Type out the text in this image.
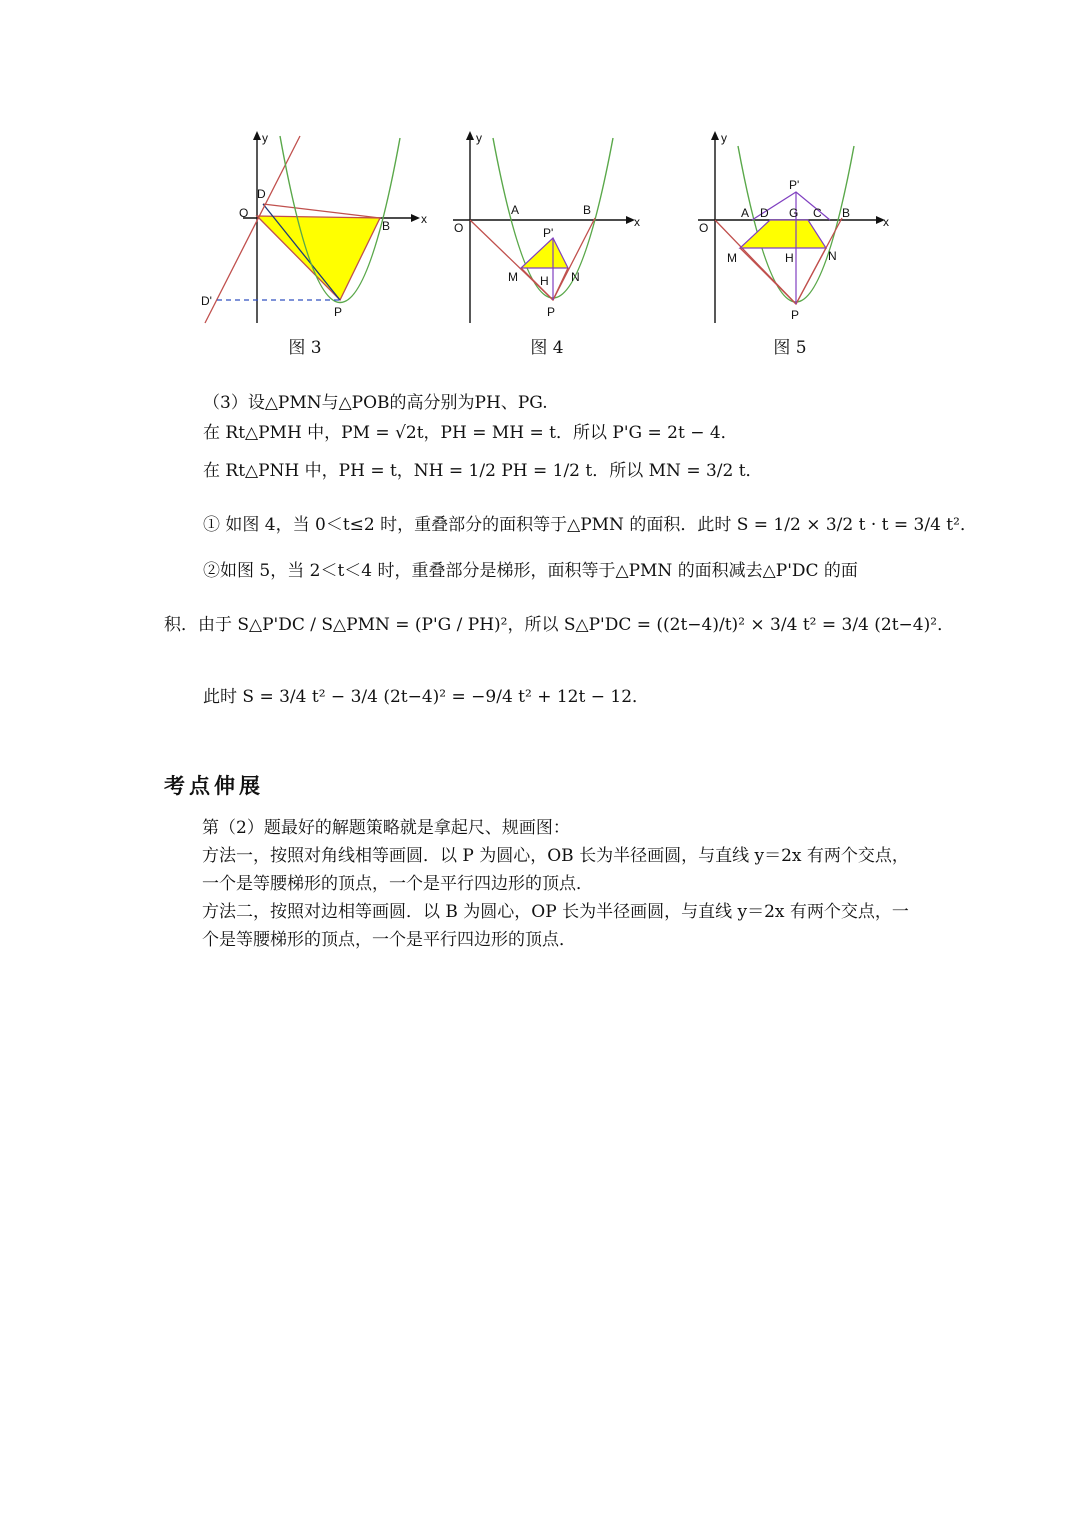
y
x
O
D
B
D'
P
图 3
y
x
O
A	B
P'
M	N
H
P
图 4
y
x
O
A D G C B
P'
M	N
H
P
图 5
（3）设△PMN与△POB的高分别为PH、PG.
在 Rt△PMH 中，PM = √2t，PH = MH = t．所以 P'G = 2t − 4．
在 Rt△PNH 中，PH = t，NH = 1/2 PH = 1/2 t．所以 MN = 3/2 t．
① 如图 4，当 0＜t≤2 时，重叠部分的面积等于△PMN 的面积．此时 S = 1/2 × 3/2 t · t = 3/4 t²．
②如图 5，当 2＜t＜4 时，重叠部分是梯形，面积等于△PMN 的面积减去△P'DC 的面
积．由于 S△P'DC / S△PMN = (P'G / PH)²，所以 S△P'DC = ((2t−4)/t)² × 3/4 t² = 3/4 (2t−4)²．
此时 S = 3/4 t² − 3/4 (2t−4)² = −9/4 t² + 12t − 12．
考点伸展
第（2）题最好的解题策略就是拿起尺、规画图：
方法一，按照对角线相等画圆．以 P 为圆心，OB 长为半径画圆，与直线 y＝2x 有两个交点，一个是等腰梯形的顶点，一个是平行四边形的顶点．
方法二，按照对边相等画圆．以 B 为圆心，OP 长为半径画圆，与直线 y＝2x 有两个交点，一个是等腰梯形的顶点，一个是平行四边形的顶点．
